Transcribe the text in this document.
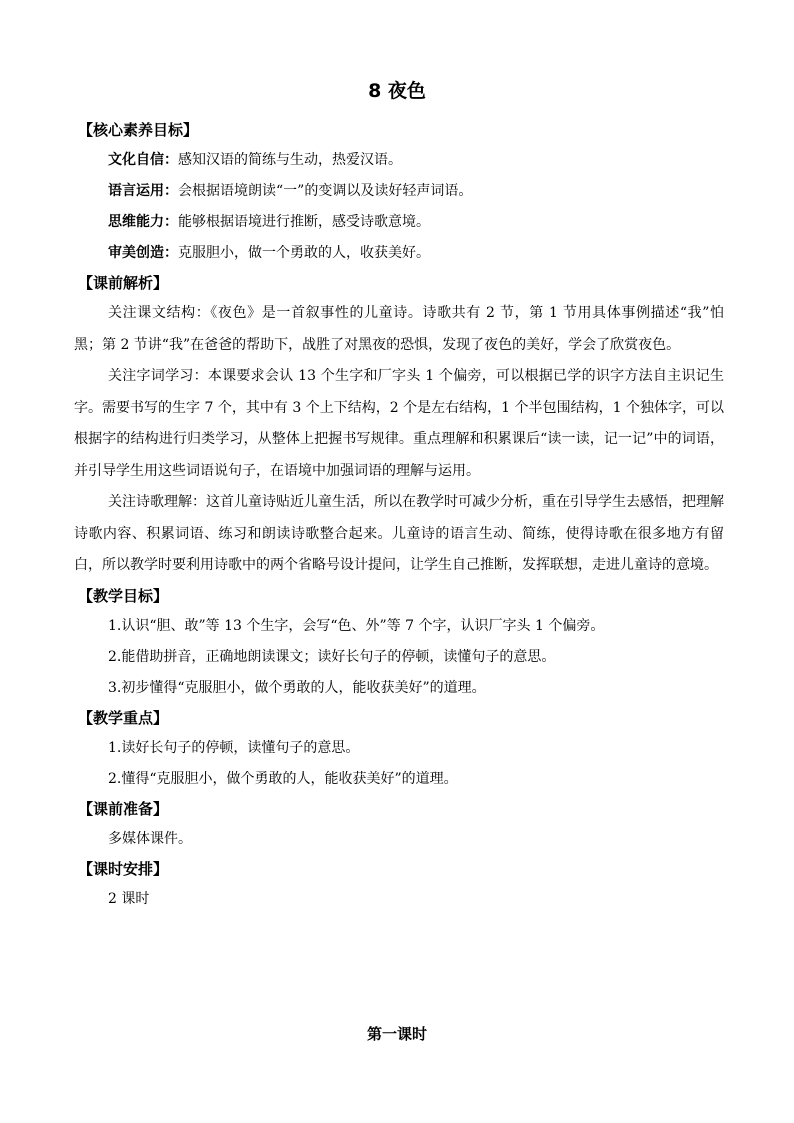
8 夜色
【核心素养目标】
文化自信：感知汉语的简练与生动，热爱汉语。
语言运用：会根据语境朗读“一”的变调以及读好轻声词语。
思维能力：能够根据语境进行推断，感受诗歌意境。
审美创造：克服胆小，做一个勇敢的人，收获美好。
【课前解析】

关注课文结构：《夜色》是一首叙事性的儿童诗。诗歌共有 2 节，第 1 节用具体事例描述“我”怕黑；第 2 节讲“我”在爸爸的帮助下，战胜了对黑夜的恐惧，发现了夜色的美好，学会了欣赏夜色。

关注字词学习：本课要求会认 13 个生字和厂字头 1 个偏旁，可以根据已学的识字方法自主识记生字。需要书写的生字 7 个，其中有 3 个上下结构，2 个是左右结构，1 个半包围结构，1 个独体字，可以根据字的结构进行归类学习，从整体上把握书写规律。重点理解和积累课后“读一读，记一记”中的词语，并引导学生用这些词语说句子，在语境中加强词语的理解与运用。

关注诗歌理解：这首儿童诗贴近儿童生活，所以在教学时可减少分析，重在引导学生去感悟，把理解诗歌内容、积累词语、练习和朗读诗歌整合起来。儿童诗的语言生动、简练，使得诗歌在很多地方有留白，所以教学时要利用诗歌中的两个省略号设计提问，让学生自己推断，发挥联想，走进儿童诗的意境。

【教学目标】
1.认识“胆、敢”等 13 个生字，会写“色、外”等 7 个字，认识厂字头 1 个偏旁。
2.能借助拼音，正确地朗读课文；读好长句子的停顿，读懂句子的意思。
3.初步懂得“克服胆小，做个勇敢的人，能收获美好”的道理。
【教学重点】
1.读好长句子的停顿，读懂句子的意思。
2.懂得“克服胆小，做个勇敢的人，能收获美好”的道理。
【课前准备】
多媒体课件。
【课时安排】
2 课时
第一课时
